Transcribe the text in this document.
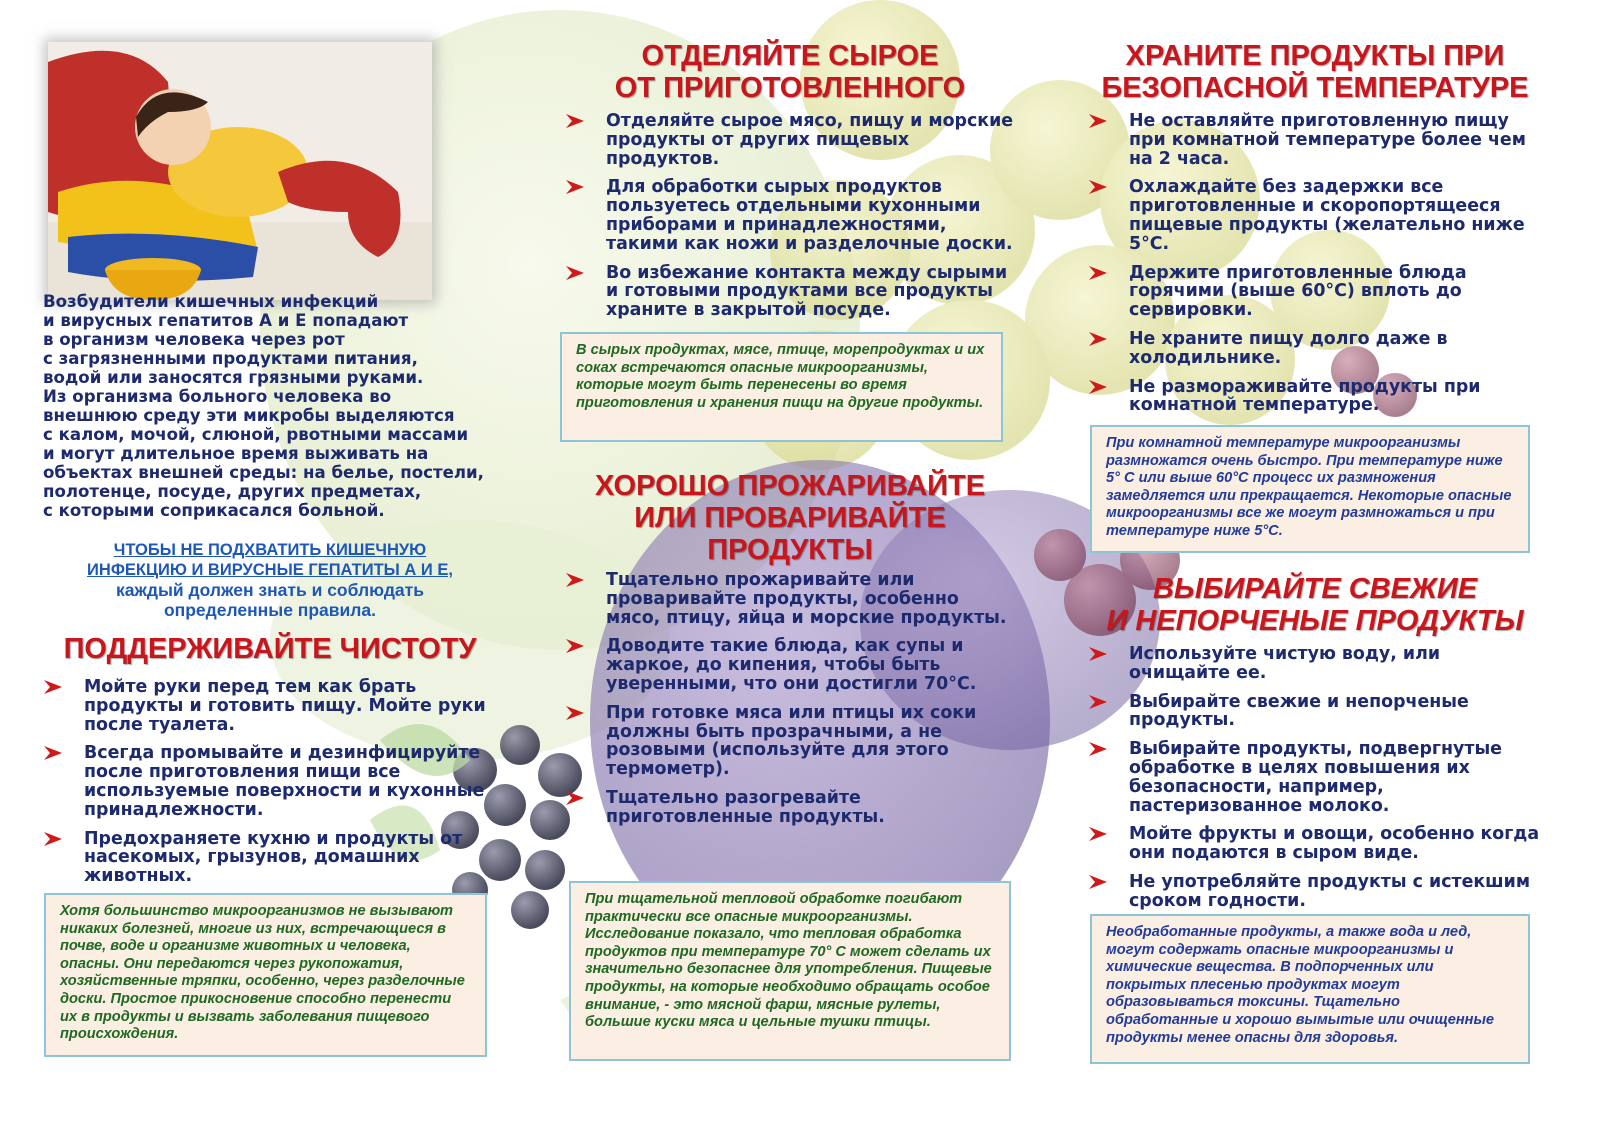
Возбудители кишечных инфекций
и вирусных гепатитов А и Е попадают
в организм человека через рот
с загрязненными продуктами питания,
водой или заносятся грязными руками.
Из организма больного человека во
внешнюю среду эти микробы выделяются
с калом, мочой, слюной, рвотными массами
и могут длительное время выживать на
объектах внешней среды: на белье, постели,
полотенце, посуде, других предметах,
с которыми соприкасался больной.

ЧТОБЫ НЕ ПОДХВАТИТЬ КИШЕЧНУЮ
ИНФЕКЦИЮ И ВИРУСНЫЕ ГЕПАТИТЫ А И Е,
каждый должен знать и соблюдать
определенные правила.

ПОДДЕРЖИВАЙТЕ ЧИСТОТУ
Мойте руки перед тем как брать продукты и готовить пищу. Мойте руки после туалета.
Всегда промывайте и дезинфицируйте после приготовления пищи все используемые поверхности и кухонные принадлежности.
Предохраняете кухню и продукты от насекомых, грызунов, домашних животных.
Хотя большинство микроорганизмов не вызывают никаких болезней, многие из них, встречающиеся в почве, воде и организме животных и человека, опасны. Они передаются через рукопожатия, хозяйственные тряпки, особенно, через разделочные доски. Простое прикосновение способно перенести их в продукты и вызвать заболевания пищевого происхождения.
ОТДЕЛЯЙТЕ СЫРОЕ
ОТ ПРИГОТОВЛЕННОГО
Отделяйте сырое мясо, пищу и морские продукты от других пищевых продуктов.
Для обработки сырых продуктов пользуетесь отдельными кухонными приборами и принадлежностями, такими как ножи и разделочные доски.
Во избежание контакта между сырыми и готовыми продуктами все продукты храните в закрытой посуде.
В сырых продуктах, мясе, птице, морепродуктах и их соках встречаются опасные микроорганизмы, которые могут быть перенесены во время приготовления и хранения пищи на другие продукты.
ХОРОШО ПРОЖАРИВАЙТЕ
ИЛИ ПРОВАРИВАЙТЕ
ПРОДУКТЫ
Тщательно прожаривайте или проваривайте продукты, особенно мясо, птицу, яйца и морские продукты.
Доводите такие блюда, как супы и жаркое, до кипения, чтобы быть уверенными, что они достигли 70°C.
При готовке мяса или птицы их соки должны быть прозрачными, а не розовыми (используйте для этого термометр).
Тщательно разогревайте приготовленные продукты.
При тщательной тепловой обработке погибают практически все опасные микроорганизмы. Исследование показало, что тепловая обработка продуктов при температуре 70° С может сделать их значительно безопаснее для употребления. Пищевые продукты, на которые необходимо обращать особое внимание, - это мясной фарш, мясные рулеты, большие куски мяса и цельные тушки птицы.
ХРАНИТЕ ПРОДУКТЫ ПРИ
БЕЗОПАСНОЙ ТЕМПЕРАТУРЕ
Не оставляйте приготовленную пищу при комнатной температуре более чем на 2 часа.
Охлаждайте без задержки все приготовленные и скоропортящееся пищевые продукты (желательно ниже 5°C.
Держите приготовленные блюда горячими (выше 60°C) вплоть до сервировки.
Не храните пищу долго даже в холодильнике.
Не размораживайте продукты при комнатной температуре.
При комнатной температуре микроорганизмы размножатся очень быстро. При температуре ниже 5° С или выше 60°С процесс их размножения замедляется или прекращается. Некоторые опасные микроорганизмы все же могут размножаться и при температуре ниже 5°С.
ВЫБИРАЙТЕ СВЕЖИЕ
И НЕПОРЧЕНЫЕ ПРОДУКТЫ
Используйте чистую воду, или очищайте ее.
Выбирайте свежие и непорченые продукты.
Выбирайте продукты, подвергнутые обработке в целях повышения их безопасности, например, пастеризованное молоко.
Мойте фрукты и овощи, особенно когда они подаются в сыром виде.
Не употребляйте продукты с истекшим сроком годности.
Необработанные продукты, а также вода и лед, могут содержать опасные микроорганизмы и химические вещества. В подпорченных или покрытых плесенью продуктах могут образовываться токсины. Тщательно обработанные и хорошо вымытые или очищенные продукты менее опасны для здоровья.
